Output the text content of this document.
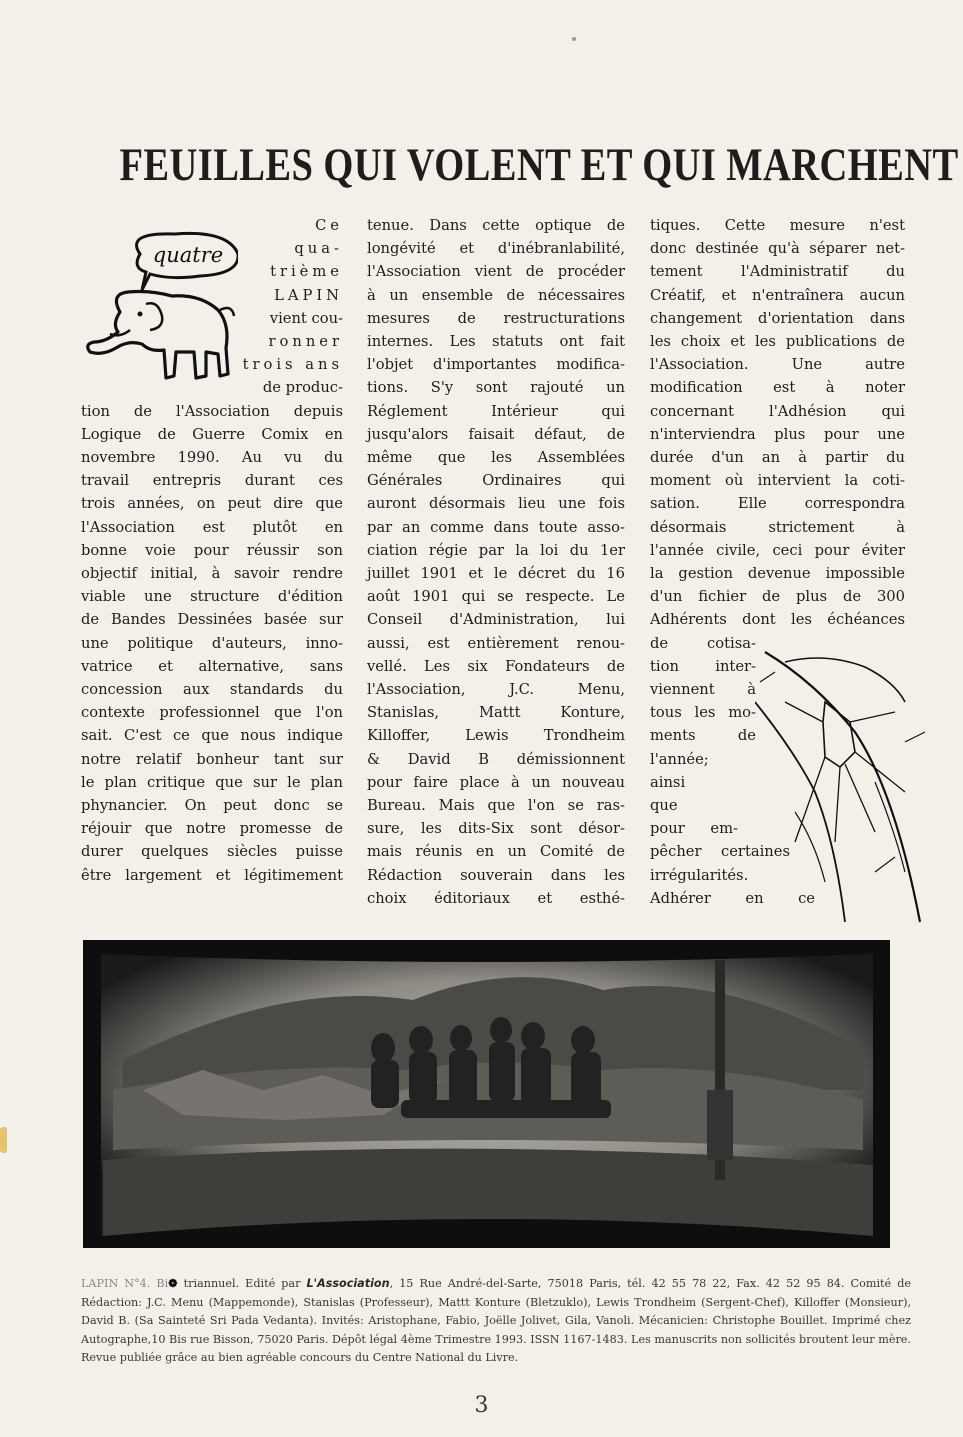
FEUILLES QUI VOLENT ET QUI MARCHENT
quatre

Ce

qua-

trième

LAPIN

vient cou-

ronner

trois ans

de produc-

tion de l'Association depuis

Logique de Guerre Comix en

novembre 1990. Au vu du

travail entrepris durant ces

trois années, on peut dire que

l'Association est plutôt en

bonne voie pour réussir son

objectif initial, à savoir rendre

viable une structure d'édition

de Bandes Dessinées basée sur

une politique d'auteurs, inno-

vatrice et alternative, sans

concession aux standards du

contexte professionnel que l'on

sait. C'est ce que nous indique

notre relatif bonheur tant sur

le plan critique que sur le plan

phynancier. On peut donc se

réjouir que notre promesse de

durer quelques siècles puisse

être largement et légitimement

tenue. Dans cette optique de

longévité et d'inébranlabilité,

l'Association vient de procéder

à un ensemble de nécessaires

mesures de restructurations

internes. Les statuts ont fait

l'objet d'importantes modifica-

tions. S'y sont rajouté un

Réglement Intérieur qui

jusqu'alors faisait défaut, de

même que les Assemblées

Générales Ordinaires qui

auront désormais lieu une fois

par an comme dans toute asso-

ciation régie par la loi du 1er

juillet 1901 et le décret du 16

août 1901 qui se respecte. Le

Conseil d'Administration, lui

aussi, est entièrement renou-

vellé. Les six Fondateurs de

l'Association, J.C. Menu,

Stanislas, Mattt Konture,

Killoffer, Lewis Trondheim

& David B démissionnent

pour faire place à un nouveau

Bureau. Mais que l'on se ras-

sure, les dits-Six sont désor-

mais réunis en un Comité de

Rédaction souverain dans les

choix éditoriaux et esthé-

tiques. Cette mesure n'est

donc destinée qu'à séparer net-

tement l'Administratif du

Créatif, et n'entraînera aucun

changement d'orientation dans

les choix et les publications de

l'Association. Une autre

modification est à noter

concernant l'Adhésion qui

n'interviendra plus pour une

durée d'un an à partir du

moment où intervient la coti-

sation. Elle correspondra

désormais strictement à

l'année civile, ceci pour éviter

la gestion devenue impossible

d'un fichier de plus de 300

Adhérents dont les échéances

de cotisa-

tion inter-

viennent à

tous les mo-

ments de

l'année;

ainsi

que

pour em-

pêcher certaines

irrégularités.

Adhérer en ce

LAPIN N°4. Bi❁ triannuel. Edité par L'Association, 15 Rue André-del-Sarte, 75018 Paris, tél. 42 55 78 22, Fax. 42 52 95 84. Comité de Rédaction: J.C. Menu (Mappemonde), Stanislas (Professeur), Mattt Konture (Bletzuklo), Lewis Trondheim (Sergent-Chef), Killoffer (Monsieur), David B. (Sa Sainteté Sri Pada Vedanta). Invités: Aristophane, Fabio, Joëlle Jolivet, Gila, Vanoli. Mécanicien: Christophe Bouillet. Imprimé chez Autographe,10 Bis rue Bisson, 75020 Paris. Dépôt légal 4ème Trimestre 1993. ISSN 1167-1483. Les manuscrits non sollicités broutent leur mère. Revue publiée grâce au bien agréable concours du Centre National du Livre.

3
